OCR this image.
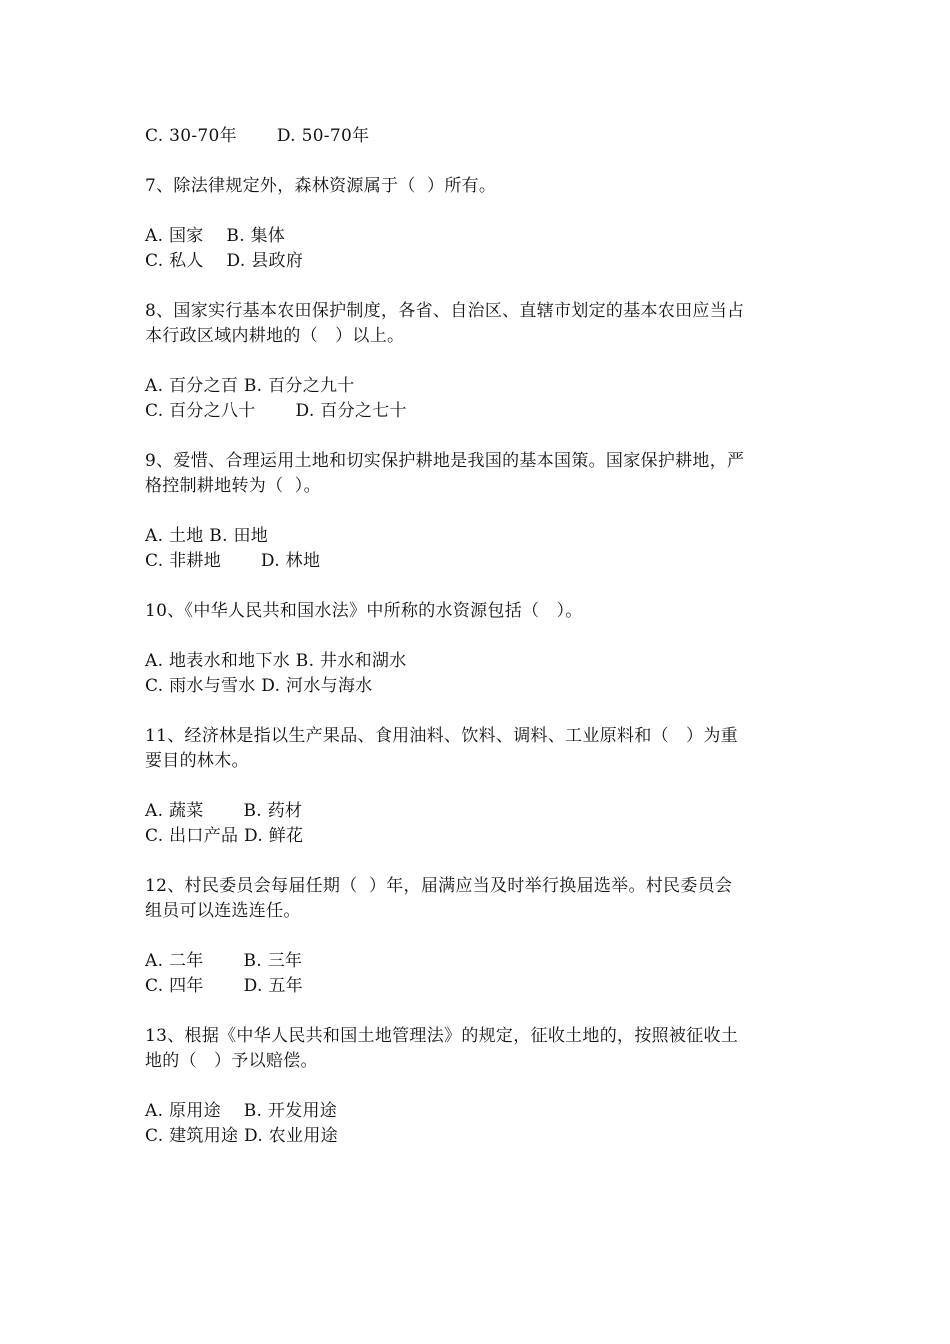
C. 30-70年       D. 50-70年
7、除法律规定外，森林资源属于（  ）所有。
A. 国家    B. 集体
C. 私人    D. 县政府
8、国家实行基本农田保护制度，各省、自治区、直辖市划定的基本农田应当占
本行政区域内耕地的（   ）以上。
A. 百分之百 B. 百分之九十
C. 百分之八十       D. 百分之七十
9、爱惜、合理运用土地和切实保护耕地是我国的基本国策。国家保护耕地，严
格控制耕地转为（  ）。
A. 土地 B. 田地
C. 非耕地       D. 林地
10、《中华人民共和国水法》中所称的水资源包括（   ）。
A. 地表水和地下水 B. 井水和湖水
C. 雨水与雪水 D. 河水与海水
11、经济林是指以生产果品、食用油料、饮料、调料、工业原料和（   ）为重
要目的林木。
A. 蔬菜       B. 药材
C. 出口产品 D. 鲜花
12、村民委员会每届任期（  ）年，届满应当及时举行换届选举。村民委员会
组员可以连选连任。
A. 二年       B. 三年
C. 四年       D. 五年
13、根据《中华人民共和国土地管理法》的规定，征收土地的，按照被征收土
地的（   ）予以赔偿。
A. 原用途    B. 开发用途
C. 建筑用途 D. 农业用途
